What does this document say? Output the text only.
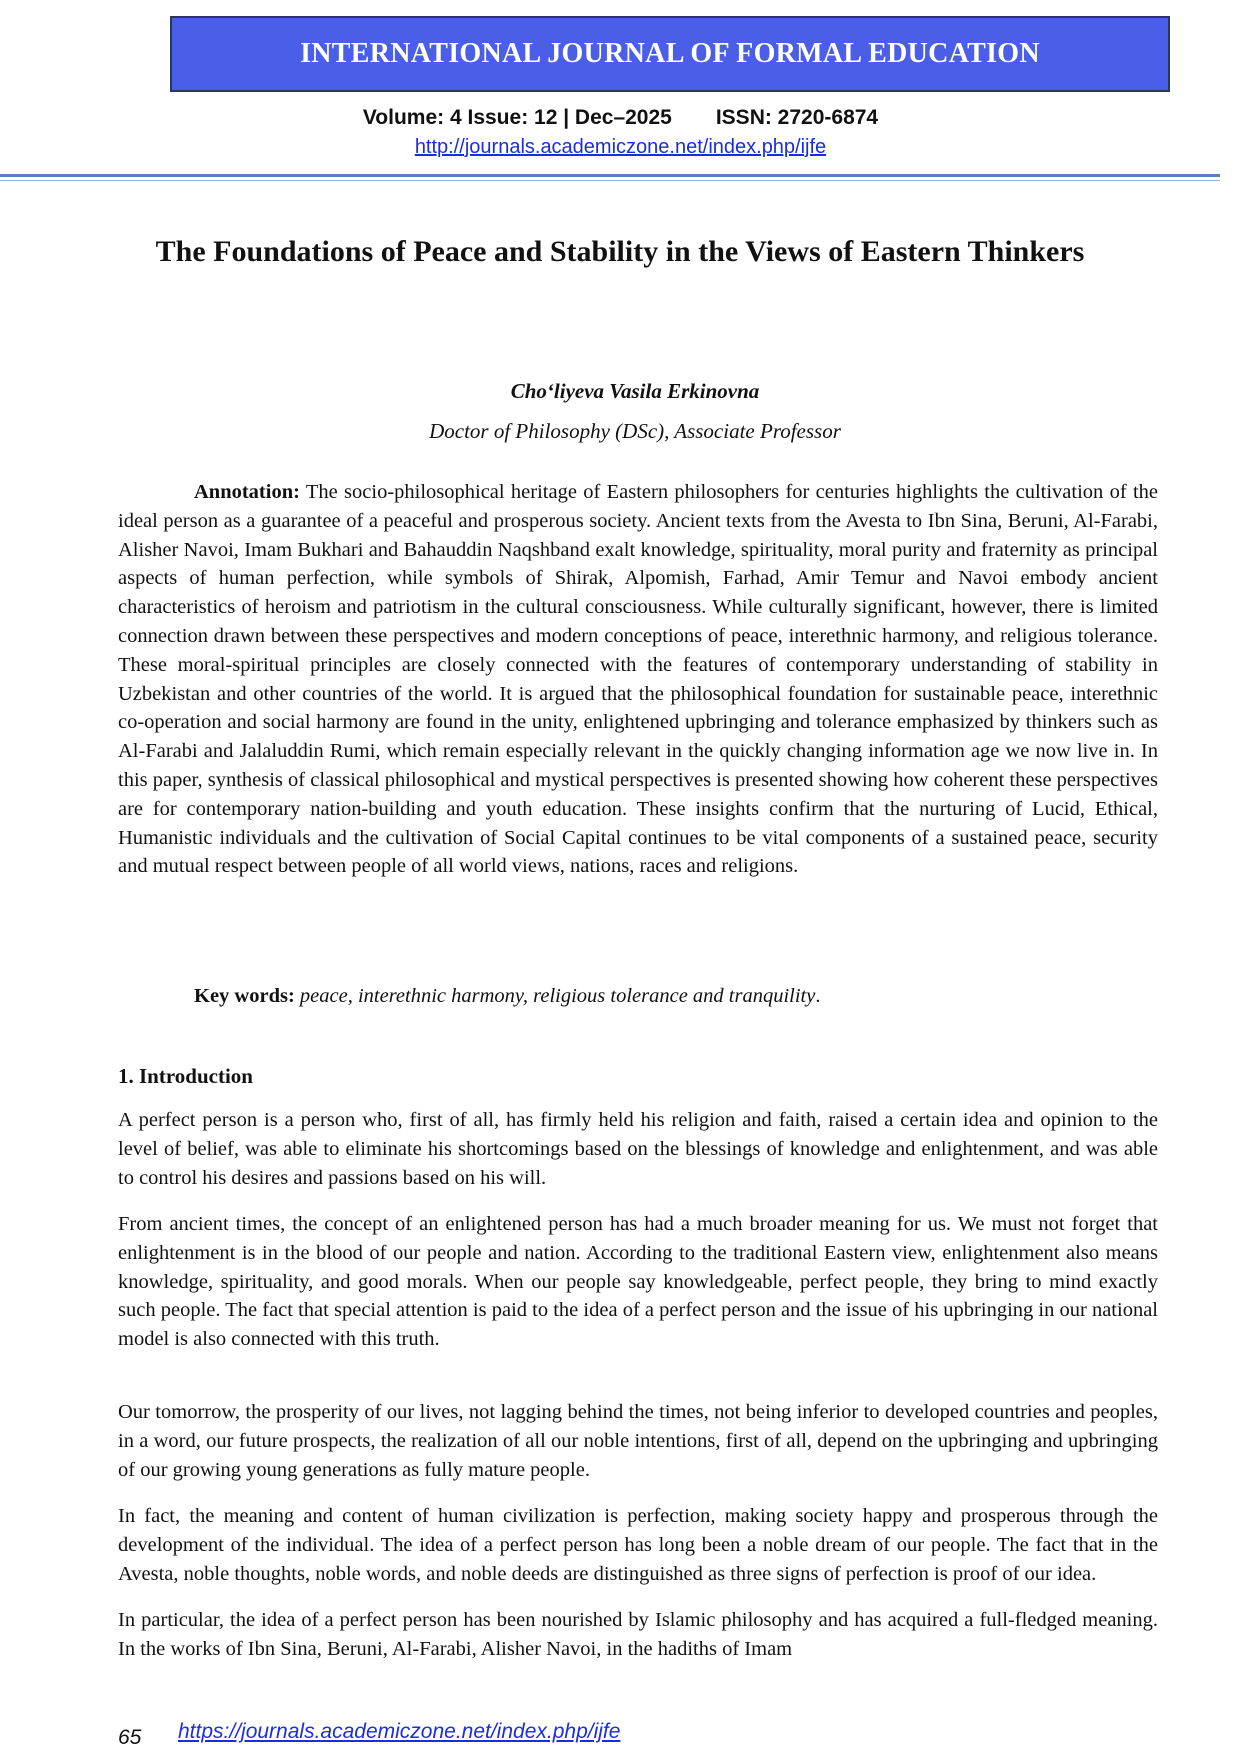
INTERNATIONAL JOURNAL OF FORMAL EDUCATION
Volume: 4 Issue: 12 | Dec–2025 ISSN: 2720-6874
http://journals.academiczone.net/index.php/ijfe
The Foundations of Peace and Stability in the Views of Eastern Thinkers
Cho‘liyeva Vasila Erkinovna
Doctor of Philosophy (DSc), Associate Professor

Annotation: The socio-philosophical heritage of Eastern philosophers for centuries highlights the cultivation of the ideal person as a guarantee of a peaceful and prosperous society. Ancient texts from the Avesta to Ibn Sina, Beruni, Al-Farabi, Alisher Navoi, Imam Bukhari and Bahauddin Naqshband exalt knowledge, spirituality, moral purity and fraternity as principal aspects of human perfection, while symbols of Shirak, Alpomish, Farhad, Amir Temur and Navoi embody ancient characteristics of heroism and patriotism in the cultural consciousness. While culturally significant, however, there is limited connection drawn between these perspectives and modern conceptions of peace, interethnic harmony, and religious tolerance. These moral-spiritual principles are closely connected with the features of contemporary understanding of stability in Uzbekistan and other countries of the world. It is argued that the philosophical foundation for sustainable peace, interethnic co-operation and social harmony are found in the unity, enlightened upbringing and tolerance emphasized by thinkers such as Al-Farabi and Jalaluddin Rumi, which remain especially relevant in the quickly changing information age we now live in. In this paper, synthesis of classical philosophical and mystical perspectives is presented showing how coherent these perspectives are for contemporary nation-building and youth education. These insights confirm that the nurturing of Lucid, Ethical, Humanistic individuals and the cultivation of Social Capital continues to be vital components of a sustained peace, security and mutual respect between people of all world views, nations, races and religions.

Key words: peace, interethnic harmony, religious tolerance and tranquility.

1. Introduction

A perfect person is a person who, first of all, has firmly held his religion and faith, raised a certain idea and opinion to the level of belief, was able to eliminate his shortcomings based on the blessings of knowledge and enlightenment, and was able to control his desires and passions based on his will.

From ancient times, the concept of an enlightened person has had a much broader meaning for us. We must not forget that enlightenment is in the blood of our people and nation. According to the traditional Eastern view, enlightenment also means knowledge, spirituality, and good morals. When our people say knowledgeable, perfect people, they bring to mind exactly such people. The fact that special attention is paid to the idea of a perfect person and the issue of his upbringing in our national model is also connected with this truth.

Our tomorrow, the prosperity of our lives, not lagging behind the times, not being inferior to developed countries and peoples, in a word, our future prospects, the realization of all our noble intentions, first of all, depend on the upbringing and upbringing of our growing young generations as fully mature people.

In fact, the meaning and content of human civilization is perfection, making society happy and prosperous through the development of the individual. The idea of a perfect person has long been a noble dream of our people. The fact that in the Avesta, noble thoughts, noble words, and noble deeds are distinguished as three signs of perfection is proof of our idea.

In particular, the idea of a perfect person has been nourished by Islamic philosophy and has acquired a full-fledged meaning. In the works of Ibn Sina, Beruni, Al-Farabi, Alisher Navoi, in the hadiths of Imam

65 https://journals.academiczone.net/index.php/ijfe
